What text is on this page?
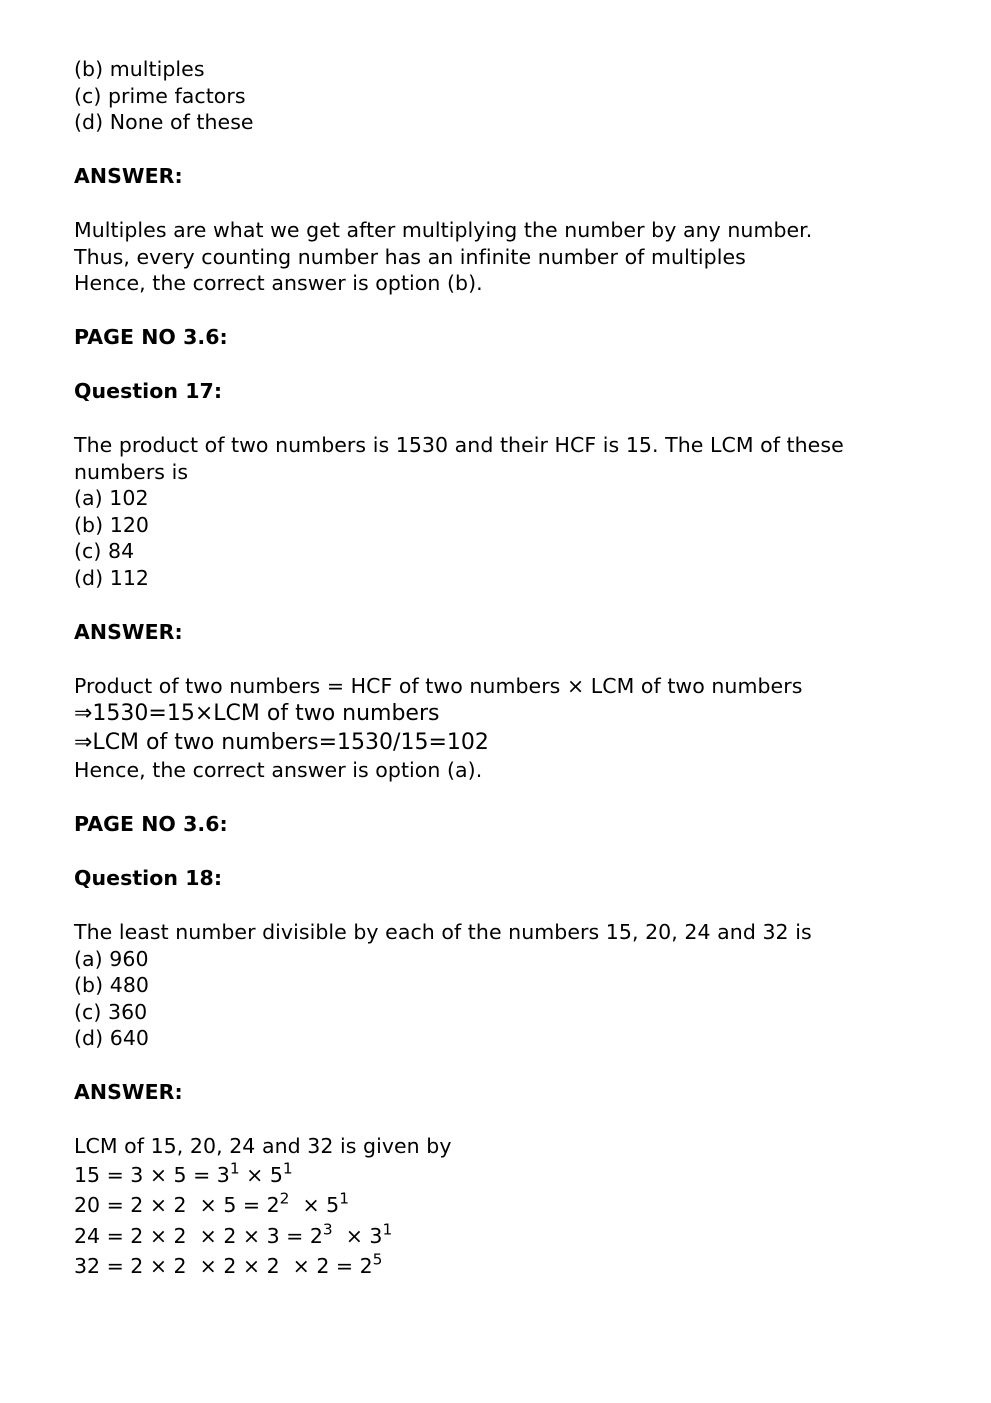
(b) multiples
(c) prime factors
(d) None of these
ANSWER:
Multiples are what we get after multiplying the number by any number.
Thus, every counting number has an infinite number of multiples
Hence, the correct answer is option (b).
PAGE NO 3.6:
Question 17:
The product of two numbers is 1530 and their HCF is 15. The LCM of these
numbers is
(a) 102
(b) 120
(c) 84
(d) 112
ANSWER:
Product of two numbers = HCF of two numbers × LCM of two numbers
⇒1530=15×LCM of two numbers
⇒LCM of two numbers=1530/15=102
Hence, the correct answer is option (a).
PAGE NO 3.6:
Question 18:
The least number divisible by each of the numbers 15, 20, 24 and 32 is
(a) 960
(b) 480
(c) 360
(d) 640
ANSWER:
LCM of 15, 20, 24 and 32 is given by
$15 = 3 \times 5 = 3^1 \times 5^1$
$20 = 2 \times 2 \times 5 = 2^2 \times 5^1$
$24 = 2 \times 2 \times 2 \times 3 = 2^3 \times 3^1$
$32 = 2 \times 2 \times 2 \times 2 \times 2 = 2^5$
